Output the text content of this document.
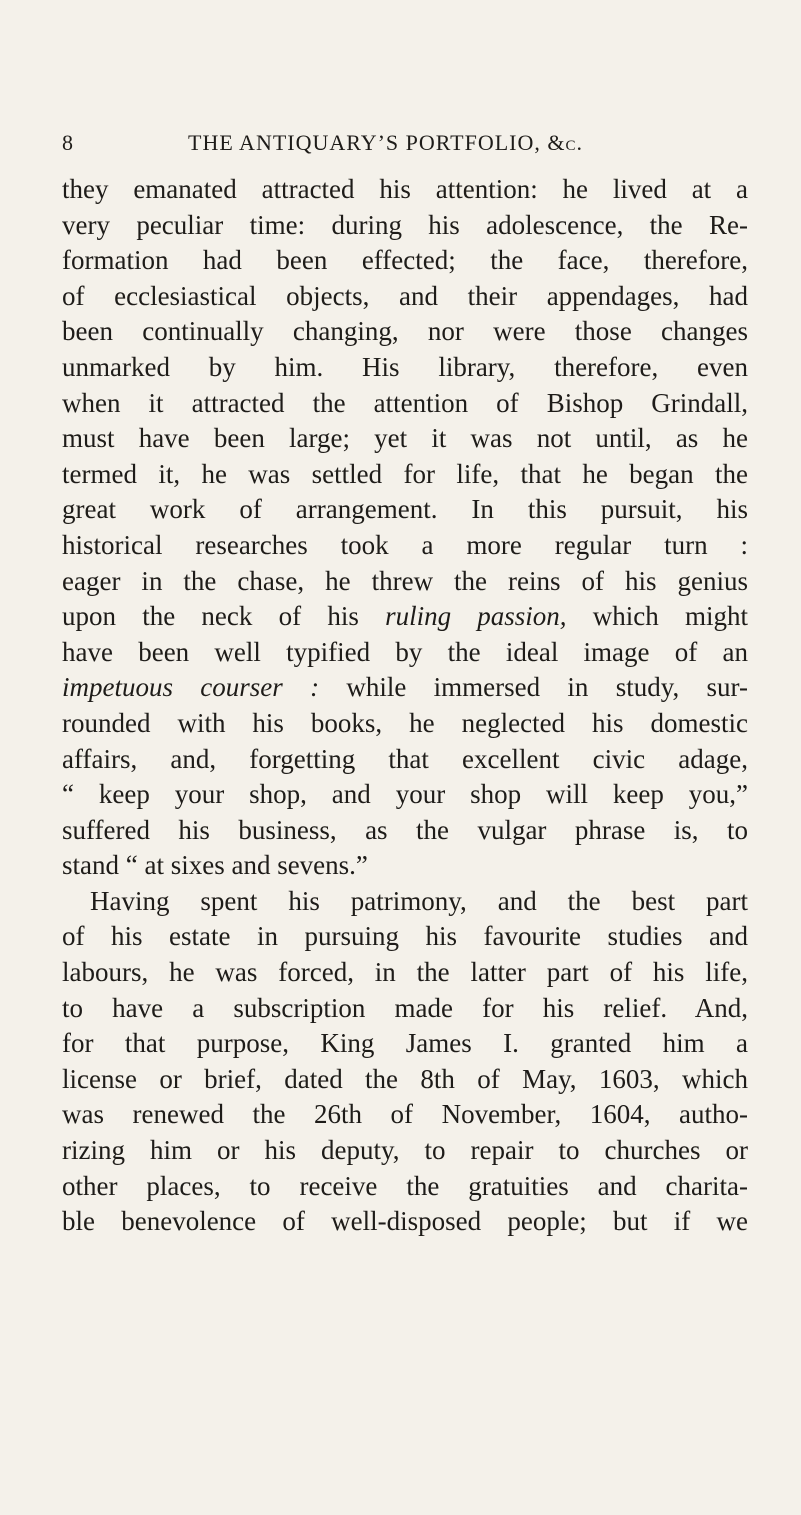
8	THE ANTIQUARY’S PORTFOLIO, &c.
they emanated attracted his attention: he lived at a
very peculiar time: during his adolescence, the Re-
formation had been effected; the face, therefore,
of ecclesiastical objects, and their appendages, had
been continually changing, nor were those changes
unmarked by him. His library, therefore, even
when it attracted the attention of Bishop Grindall,
must have been large; yet it was not until, as he
termed it, he was settled for life, that he began the
great work of arrangement. In this pursuit, his
historical researches took a more regular turn :
eager in the chase, he threw the reins of his genius
upon the neck of his ruling passion, which might
have been well typified by the ideal image of an
impetuous courser : while immersed in study, sur-
rounded with his books, he neglected his domestic
affairs, and, forgetting that excellent civic adage,
“ keep your shop, and your shop will keep you,”
suffered his business, as the vulgar phrase is, to
stand “ at sixes and sevens.”
Having spent his patrimony, and the best part
of his estate in pursuing his favourite studies and
labours, he was forced, in the latter part of his life,
to have a subscription made for his relief. And,
for that purpose, King James I. granted him a
license or brief, dated the 8th of May, 1603, which
was renewed the 26th of November, 1604, autho-
rizing him or his deputy, to repair to churches or
other places, to receive the gratuities and charita-
ble benevolence of well-disposed people; but if we
